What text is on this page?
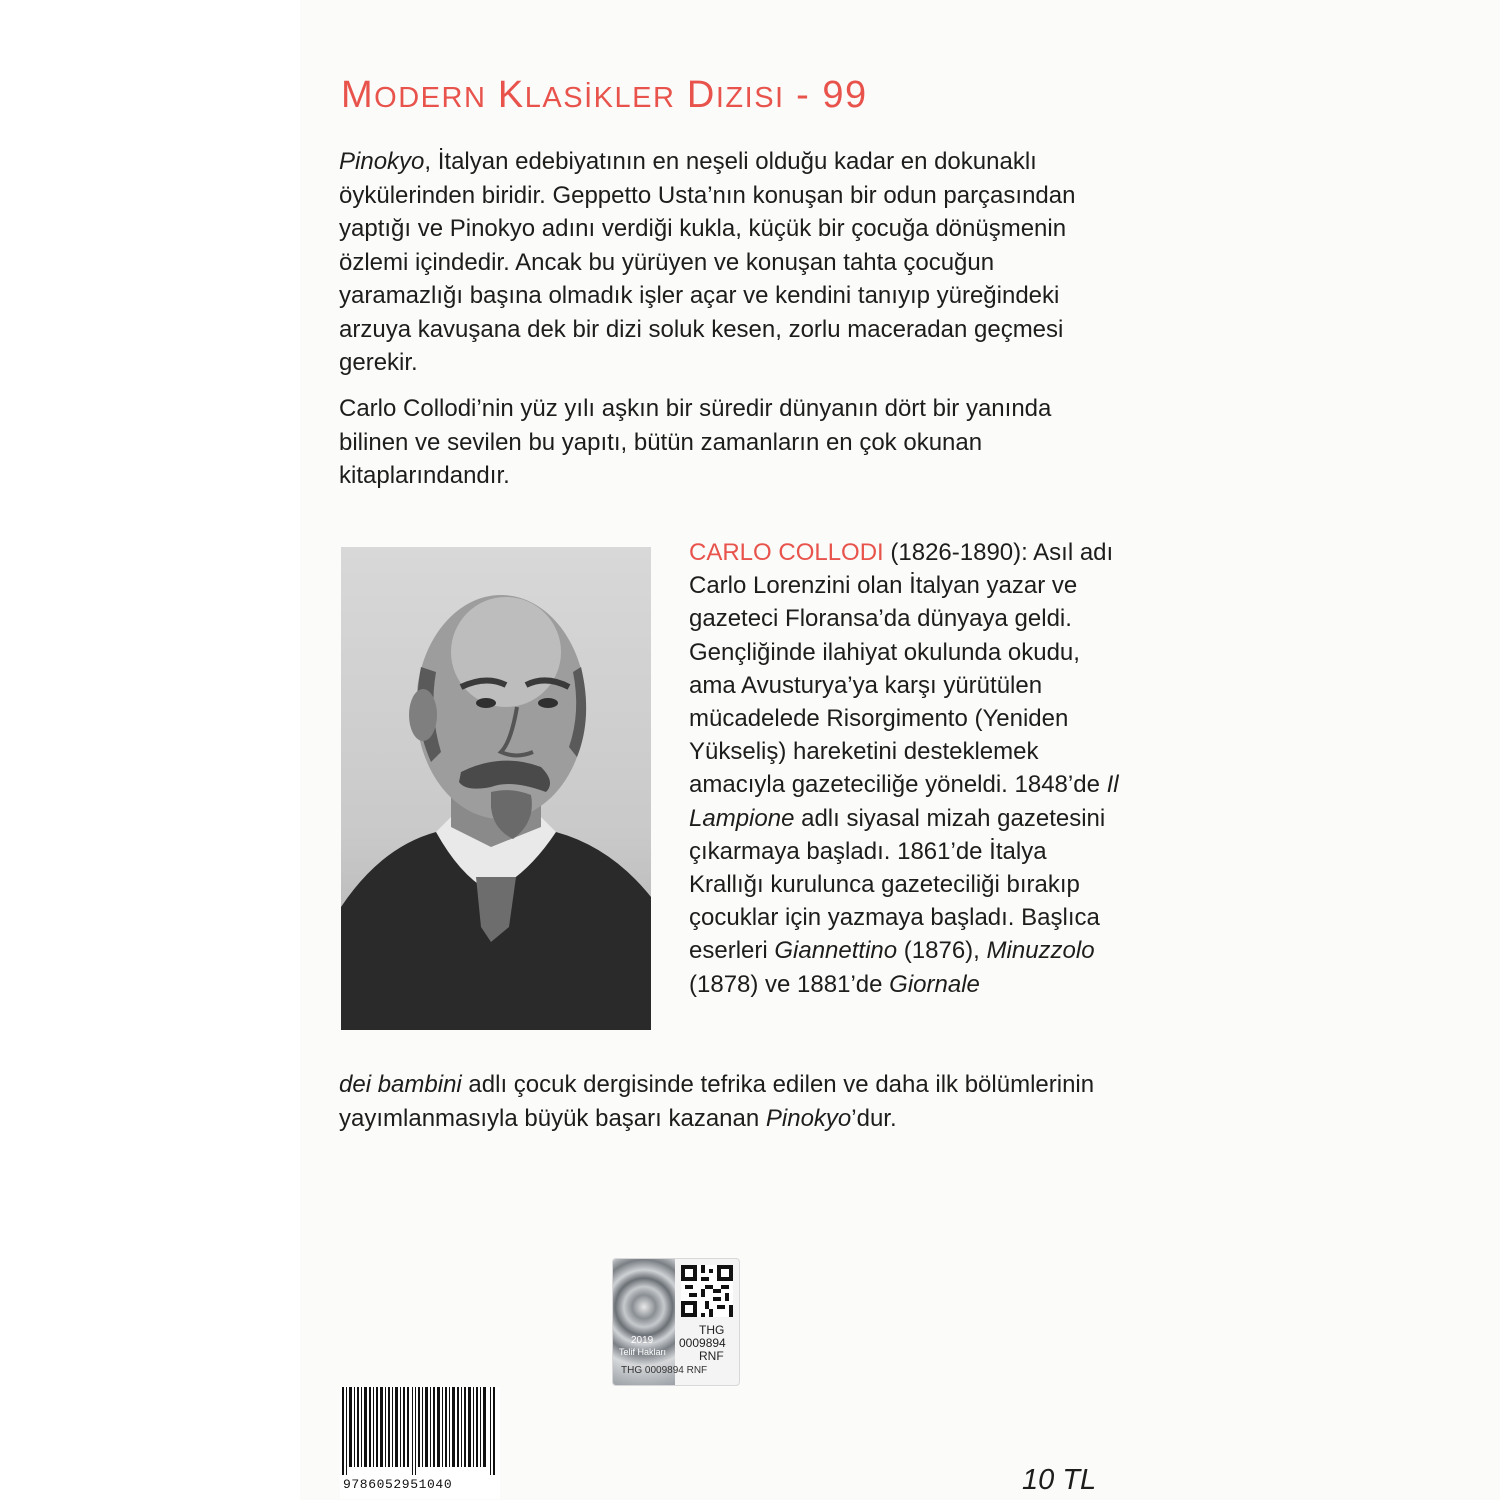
MODERN KLASİKLER DIZISI - 99

Pinokyo, İtalyan edebiyatının en neşeli olduğu kadar en dokunaklı öykülerinden biridir. Geppetto Usta’nın konuşan bir odun parçasından yaptığı ve Pinokyo adını verdiği kukla, küçük bir çocuğa dönüşmenin özlemi içindedir. Ancak bu yürüyen ve konuşan tahta çocuğun yaramazlığı başına olmadık işler açar ve kendini tanıyıp yüreğindeki arzuya kavuşana dek bir dizi soluk kesen, zorlu maceradan geçmesi gerekir.

Carlo Collodi’nin yüz yılı aşkın bir süredir dünyanın dört bir yanında bilinen ve sevilen bu yapıtı, bütün zamanların en çok okunan kitaplarındandır.

CARLO COLLODI (1826-1890): Asıl adı Carlo Lorenzini olan İtalyan yazar ve gazeteci Floransa’da dünyaya geldi. Gençliğinde ilahiyat okulunda okudu, ama Avusturya’ya karşı yürütülen mücadelede Risorgimento (Yeniden Yükseliş) hareketini desteklemek amacıyla gazeteciliğe yöneldi. 1848’de Il Lampione adlı siyasal mizah gazetesini çıkarmaya başladı. 1861’de İtalya Krallığı kurulunca gazeteciliği bırakıp çocuklar için yazmaya başladı. Başlıca eserleri Giannettino (1876), Minuzzolo (1878) ve 1881’de Giornale

dei bambini adlı çocuk dergisinde tefrika edilen ve daha ilk bölümlerinin yayımlanmasıyla büyük başarı kazanan Pinokyo’dur.

THG
0009894
RNF
2019
Telif Hakları
THG 0009894 RNF
9786052951040	10 TL
